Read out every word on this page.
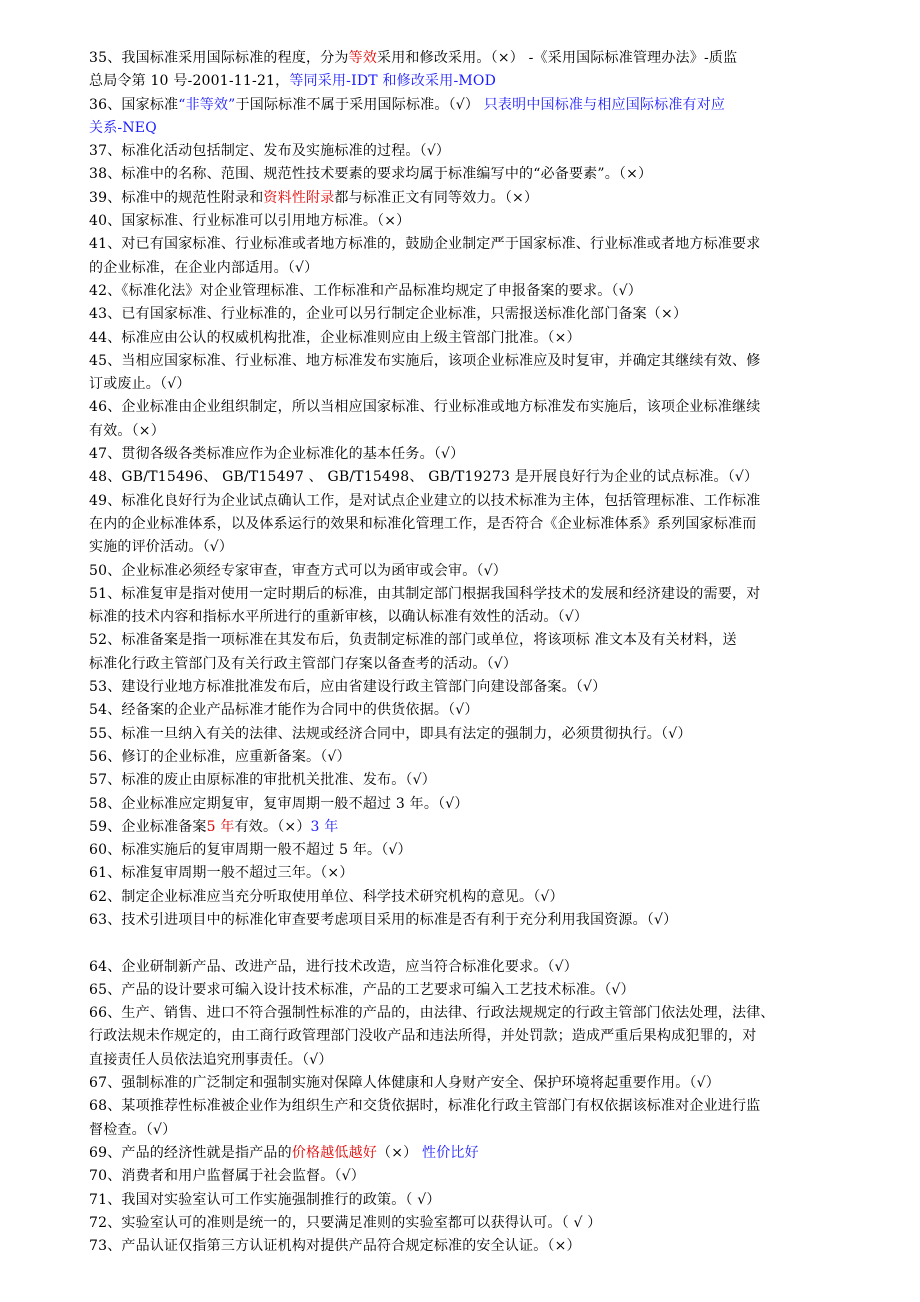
35、我国标准采用国际标准的程度，分为等效采用和修改采用。（×） -《采用国际标准管理办法》-质监
总局令第 10 号-2001-11-21，等同采用-IDT 和修改采用-MOD
36、国家标准“非等效”于国际标准不属于采用国际标准。（√） 只表明中国标准与相应国际标准有对应
关系-NEQ
37、标准化活动包括制定、发布及实施标准的过程。（√）
38、标准中的名称、范围、规范性技术要素的要求均属于标准编写中的“必备要素”。（×）
39、标准中的规范性附录和资料性附录都与标准正文有同等效力。（×）
40、国家标准、行业标准可以引用地方标准。（×）
41、对已有国家标准、行业标准或者地方标准的，鼓励企业制定严于国家标准、行业标准或者地方标准要求
的企业标准，在企业内部适用。（√）
42、《标准化法》对企业管理标准、工作标准和产品标准均规定了申报备案的要求。（√）
43、已有国家标准、行业标准的，企业可以另行制定企业标准，只需报送标准化部门备案（×）
44、标准应由公认的权威机构批准，企业标准则应由上级主管部门批准。（×）
45、当相应国家标准、行业标准、地方标准发布实施后，该项企业标准应及时复审，并确定其继续有效、修
订或废止。（√）
46、企业标准由企业组织制定，所以当相应国家标准、行业标准或地方标准发布实施后，该项企业标准继续
有效。（×）
47、贯彻各级各类标准应作为企业标准化的基本任务。（√）
48、GB/T15496、 GB/T15497 、 GB/T15498、 GB/T19273 是开展良好行为企业的试点标准。（√）
49、标准化良好行为企业试点确认工作，是对试点企业建立的以技术标准为主体，包括管理标准、工作标准
在内的企业标准体系，以及体系运行的效果和标准化管理工作，是否符合《企业标准体系》系列国家标准而
实施的评价活动。（√）
50、企业标准必须经专家审查，审查方式可以为函审或会审。（√）
51、标准复审是指对使用一定时期后的标准，由其制定部门根据我国科学技术的发展和经济建设的需要，对
标准的技术内容和指标水平所进行的重新审核，以确认标准有效性的活动。（√）
52、标准备案是指一项标准在其发布后，负责制定标准的部门或单位，将该项标 准文本及有关材料，送
标准化行政主管部门及有关行政主管部门存案以备查考的活动。（√）
53、建设行业地方标准批准发布后，应由省建设行政主管部门向建设部备案。（√）
54、经备案的企业产品标准才能作为合同中的供货依据。（√）
55、标准一旦纳入有关的法律、法规或经济合同中，即具有法定的强制力，必须贯彻执行。（√）
56、修订的企业标准，应重新备案。（√）
57、标准的废止由原标准的审批机关批准、发布。（√）
58、企业标准应定期复审，复审周期一般不超过 3 年。（√）
59、企业标准备案5 年有效。（×）3 年
60、标准实施后的复审周期一般不超过 5 年。（√）
61、标准复审周期一般不超过三年。（×）
62、制定企业标准应当充分听取使用单位、科学技术研究机构的意见。（√）
63、技术引进项目中的标准化审查要考虑项目采用的标准是否有利于充分利用我国资源。（√）
64、企业研制新产品、改进产品，进行技术改造，应当符合标准化要求。（√）
65、产品的设计要求可编入设计技术标准，产品的工艺要求可编入工艺技术标准。（√）
66、生产、销售、进口不符合强制性标准的产品的，由法律、行政法规规定的行政主管部门依法处理，法律、
行政法规未作规定的，由工商行政管理部门没收产品和违法所得，并处罚款；造成严重后果构成犯罪的，对
直接责任人员依法追究刑事责任。（√）
67、强制标准的广泛制定和强制实施对保障人体健康和人身财产安全、保护环境将起重要作用。（√）
68、某项推荐性标准被企业作为组织生产和交货依据时，标准化行政主管部门有权依据该标准对企业进行监
督检查。（√）
69、产品的经济性就是指产品的价格越低越好（×） 性价比好
70、消费者和用户监督属于社会监督。（√）
71、我国对实验室认可工作实施强制推行的政策。（ √）
72、实验室认可的准则是统一的，只要满足准则的实验室都可以获得认可。（ √ ）
73、产品认证仅指第三方认证机构对提供产品符合规定标准的安全认证。（×）
